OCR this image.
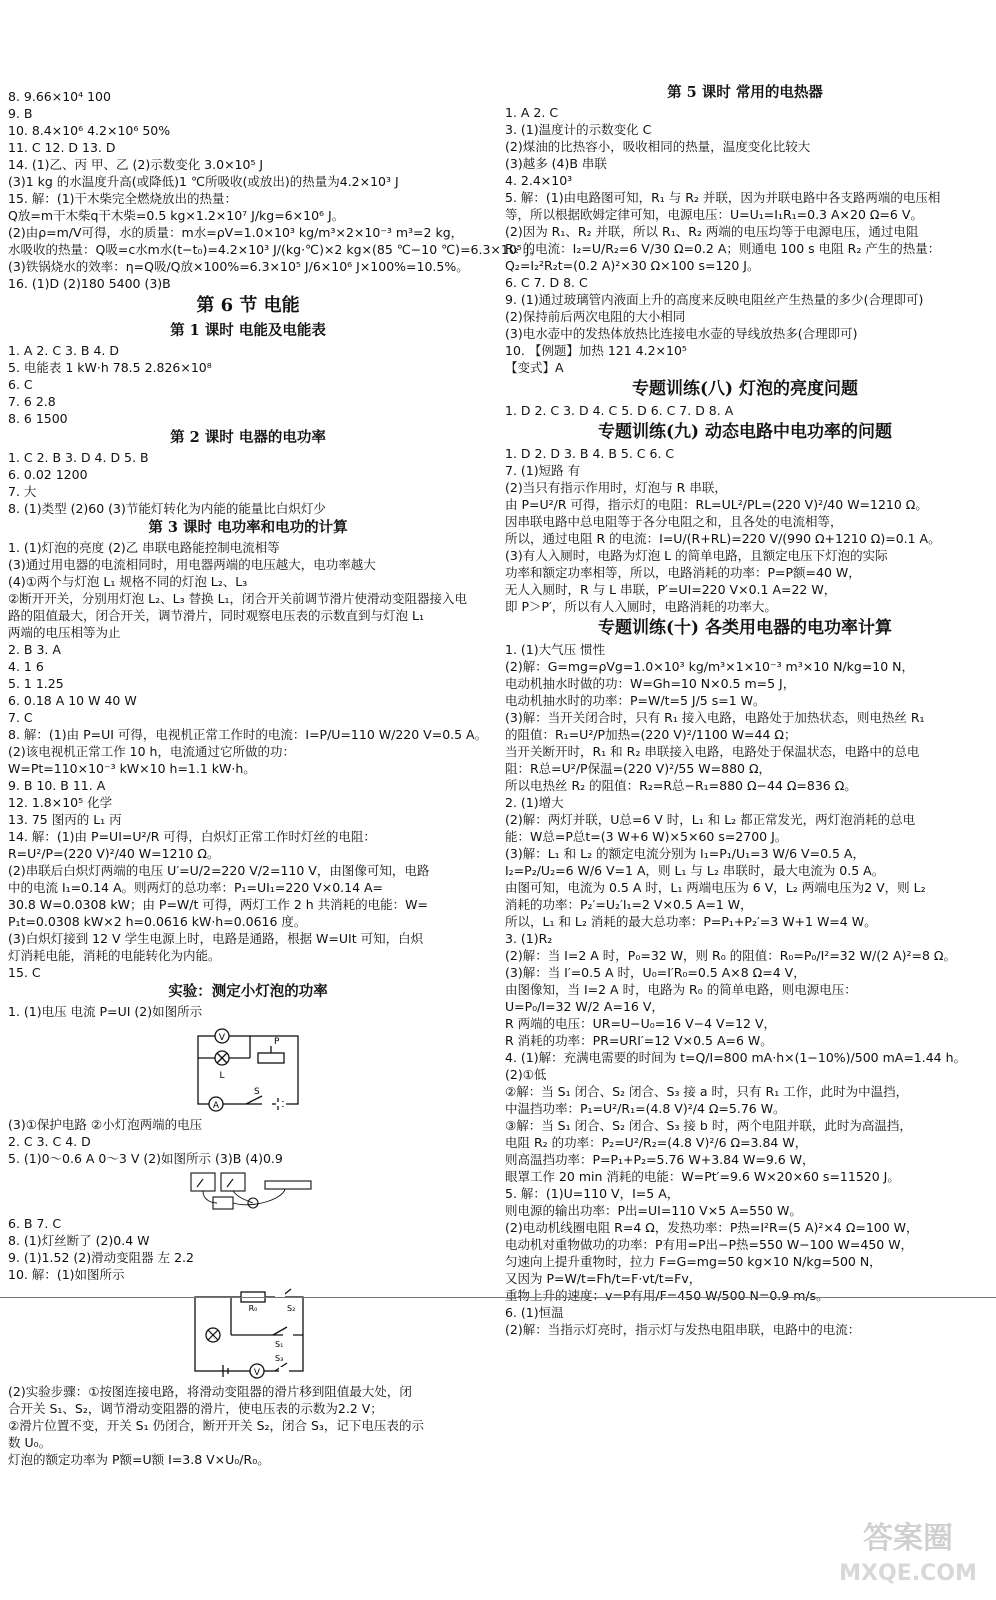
8. 9.66×10⁴ 100
9. B
10. 8.4×10⁶ 4.2×10⁶ 50%
11. C 12. D 13. D
14. (1)乙、丙 甲、乙 (2)示数变化 3.0×10⁵ J
(3)1 kg 的水温度升高(或降低)1 ℃所吸收(或放出)的热量为4.2×10³ J
15. 解：(1)干木柴完全燃烧放出的热量：
Q放=m干木柴q干木柴=0.5 kg×1.2×10⁷ J/kg=6×10⁶ J。
(2)由ρ=m/V可得，水的质量：m水=ρV=1.0×10³ kg/m³×2×10⁻³ m³=2 kg，
水吸收的热量：Q吸=c水m水(t−t₀)=4.2×10³ J/(kg·℃)×2 kg×(85 ℃−10 ℃)=6.3×10⁵ J。
(3)铁锅烧水的效率：η=Q吸/Q放×100%=6.3×10⁵ J/6×10⁶ J×100%=10.5%。
16. (1)D (2)180 5400 (3)B
第 6 节 电能
第 1 课时 电能及电能表
1. A 2. C 3. B 4. D
5. 电能表 1 kW·h 78.5 2.826×10⁸
6. C
7. 6 2.8
8. 6 1500
第 2 课时 电器的电功率
1. C 2. B 3. D 4. D 5. B
6. 0.02 1200
7. 大
8. (1)类型 (2)60 (3)节能灯转化为内能的能量比白炽灯少
第 3 课时 电功率和电功的计算
1. (1)灯泡的亮度 (2)乙 串联电路能控制电流相等
(3)通过用电器的电流相同时，用电器两端的电压越大，电功率越大
(4)①两个与灯泡 L₁ 规格不同的灯泡 L₂、L₃
②断开开关，分别用灯泡 L₂、L₃ 替换 L₁，闭合开关前调节滑片使滑动变阻器接入电
路的阻值最大，闭合开关，调节滑片，同时观察电压表的示数直到与灯泡 L₁
两端的电压相等为止
2. B 3. A
4. 1 6
5. 1 1.25
6. 0.18 A 10 W 40 W
7. C
8. 解：(1)由 P=UI 可得，电视机正常工作时的电流：I=P/U=110 W/220 V=0.5 A。
(2)该电视机正常工作 10 h，电流通过它所做的功：
W=Pt=110×10⁻³ kW×10 h=1.1 kW·h。
9. B 10. B 11. A
12. 1.8×10⁵ 化学
13. 75 图丙的 L₁ 丙
14. 解：(1)由 P=UI=U²/R 可得，白炽灯正常工作时灯丝的电阻：
R=U²/P=(220 V)²/40 W=1210 Ω。
(2)串联后白炽灯两端的电压 U′=U/2=220 V/2=110 V，由图像可知，电路
中的电流 I₁=0.14 A。则两灯的总功率：P₁=UI₁=220 V×0.14 A=
30.8 W=0.0308 kW；由 P=W/t 可得，两灯工作 2 h 共消耗的电能：W=
P₁t=0.0308 kW×2 h=0.0616 kW·h=0.0616 度。
(3)白炽灯接到 12 V 学生电源上时，电路是通路，根据 W=UIt 可知，白炽
灯消耗电能，消耗的电能转化为内能。
15. C
实验：测定小灯泡的功率
1. (1)电压 电流 P=UI (2)如图所示
V
A
L
P
S
(3)①保护电路 ②小灯泡两端的电压
2. C 3. C 4. D
5. (1)0～0.6 A 0～3 V (2)如图所示 (3)B (4)0.9
6. B 7. C
8. (1)灯丝断了 (2)0.4 W
9. (1)1.52 (2)滑动变阻器 左 2.2
10. 解：(1)如图所示
V
R₀	S₂
S₁
S₃
(2)实验步骤：①按图连接电路，将滑动变阻器的滑片移到阻值最大处，闭
合开关 S₁、S₂，调节滑动变阻器的滑片，使电压表的示数为2.2 V；
②滑片位置不变，开关 S₁ 仍闭合，断开开关 S₂，闭合 S₃，记下电压表的示
数 U₀。
灯泡的额定功率为 P额=U额 I=3.8 V×U₀/R₀。
第 5 课时 常用的电热器
1. A 2. C
3. (1)温度计的示数变化 C
(2)煤油的比热容小，吸收相同的热量，温度变化比较大
(3)越多 (4)B 串联
4. 2.4×10³
5. 解：(1)由电路图可知，R₁ 与 R₂ 并联，因为并联电路中各支路两端的电压相
等，所以根据欧姆定律可知，电源电压：U=U₁=I₁R₁=0.3 A×20 Ω=6 V。
(2)因为 R₁、R₂ 并联，所以 R₁、R₂ 两端的电压均等于电源电压，通过电阻
R₂ 的电流：I₂=U/R₂=6 V/30 Ω=0.2 A；则通电 100 s 电阻 R₂ 产生的热量：
Q₂=I₂²R₂t=(0.2 A)²×30 Ω×100 s=120 J。
6. C 7. D 8. C
9. (1)通过玻璃管内液面上升的高度来反映电阻丝产生热量的多少(合理即可)
(2)保持前后两次电阻的大小相同
(3)电水壶中的发热体放热比连接电水壶的导线放热多(合理即可)
10. 【例题】加热 121 4.2×10⁵
【变式】A
专题训练(八) 灯泡的亮度问题
1. D 2. C 3. D 4. C 5. D 6. C 7. D 8. A
专题训练(九) 动态电路中电功率的问题
1. D 2. D 3. B 4. B 5. C 6. C
7. (1)短路 有
(2)当只有指示作用时，灯泡与 R 串联，
由 P=U²/R 可得，指示灯的电阻：RL=UL²/PL=(220 V)²/40 W=1210 Ω。
因串联电路中总电阻等于各分电阻之和，且各处的电流相等，
所以，通过电阻 R 的电流：I=U/(R+RL)=220 V/(990 Ω+1210 Ω)=0.1 A。
(3)有人入厕时，电路为灯泡 L 的简单电路，且额定电压下灯泡的实际
功率和额定功率相等，所以，电路消耗的功率：P=P额=40 W，
无人入厕时，R 与 L 串联，P′=UI=220 V×0.1 A=22 W，
即 P＞P′，所以有人入厕时，电路消耗的功率大。
专题训练(十) 各类用电器的电功率计算
1. (1)大气压 惯性
(2)解：G=mg=ρVg=1.0×10³ kg/m³×1×10⁻³ m³×10 N/kg=10 N，
电动机抽水时做的功：W=Gh=10 N×0.5 m=5 J，
电动机抽水时的功率：P=W/t=5 J/5 s=1 W。
(3)解：当开关闭合时，只有 R₁ 接入电路，电路处于加热状态，则电热丝 R₁
的阻值：R₁=U²/P加热=(220 V)²/1100 W=44 Ω；
当开关断开时，R₁ 和 R₂ 串联接入电路，电路处于保温状态，电路中的总电
阻：R总=U²/P保温=(220 V)²/55 W=880 Ω，
所以电热丝 R₂ 的阻值：R₂=R总−R₁=880 Ω−44 Ω=836 Ω。
2. (1)增大
(2)解：两灯并联，U总=6 V 时，L₁ 和 L₂ 都正常发光，两灯泡消耗的总电
能：W总=P总t=(3 W+6 W)×5×60 s=2700 J。
(3)解：L₁ 和 L₂ 的额定电流分别为 I₁=P₁/U₁=3 W/6 V=0.5 A，
I₂=P₂/U₂=6 W/6 V=1 A，则 L₁ 与 L₂ 串联时，最大电流为 0.5 A。
由图可知，电流为 0.5 A 时，L₁ 两端电压为 6 V，L₂ 两端电压为2 V，则 L₂
消耗的功率：P₂′=U₂′I₁=2 V×0.5 A=1 W，
所以，L₁ 和 L₂ 消耗的最大总功率：P=P₁+P₂′=3 W+1 W=4 W。
3. (1)R₂
(2)解：当 I=2 A 时，P₀=32 W，则 R₀ 的阻值：R₀=P₀/I²=32 W/(2 A)²=8 Ω。
(3)解：当 I′=0.5 A 时，U₀=I′R₀=0.5 A×8 Ω=4 V，
由图像知，当 I=2 A 时，电路为 R₀ 的简单电路，则电源电压：
U=P₀/I=32 W/2 A=16 V，
R 两端的电压：UR=U−U₀=16 V−4 V=12 V，
R 消耗的功率：PR=URI′=12 V×0.5 A=6 W。
4. (1)解：充满电需要的时间为 t=Q/I=800 mA·h×(1−10%)/500 mA=1.44 h。
(2)①低
②解：当 S₁ 闭合、S₂ 闭合、S₃ 接 a 时，只有 R₁ 工作，此时为中温挡，
中温挡功率：P₁=U²/R₁=(4.8 V)²/4 Ω=5.76 W。
③解：当 S₁ 闭合、S₂ 闭合、S₃ 接 b 时，两个电阻并联，此时为高温挡，
电阻 R₂ 的功率：P₂=U²/R₂=(4.8 V)²/6 Ω=3.84 W，
则高温挡功率：P=P₁+P₂=5.76 W+3.84 W=9.6 W，
眼罩工作 20 min 消耗的电能：W=Pt′=9.6 W×20×60 s=11520 J。
5. 解：(1)U=110 V，I=5 A，
则电源的输出功率：P出=UI=110 V×5 A=550 W。
(2)电动机线圈电阻 R=4 Ω，发热功率：P热=I²R=(5 A)²×4 Ω=100 W，
电动机对重物做功的功率：P有用=P出−P热=550 W−100 W=450 W，
匀速向上提升重物时，拉力 F=G=mg=50 kg×10 N/kg=500 N，
又因为 P=W/t=Fh/t=F·vt/t=Fv，
重物上升的速度：v=P有用/F=450 W/500 N=0.9 m/s。
6. (1)恒温
(2)解：当指示灯亮时，指示灯与发热电阻串联，电路中的电流：
答案圈
MXQE.COM
